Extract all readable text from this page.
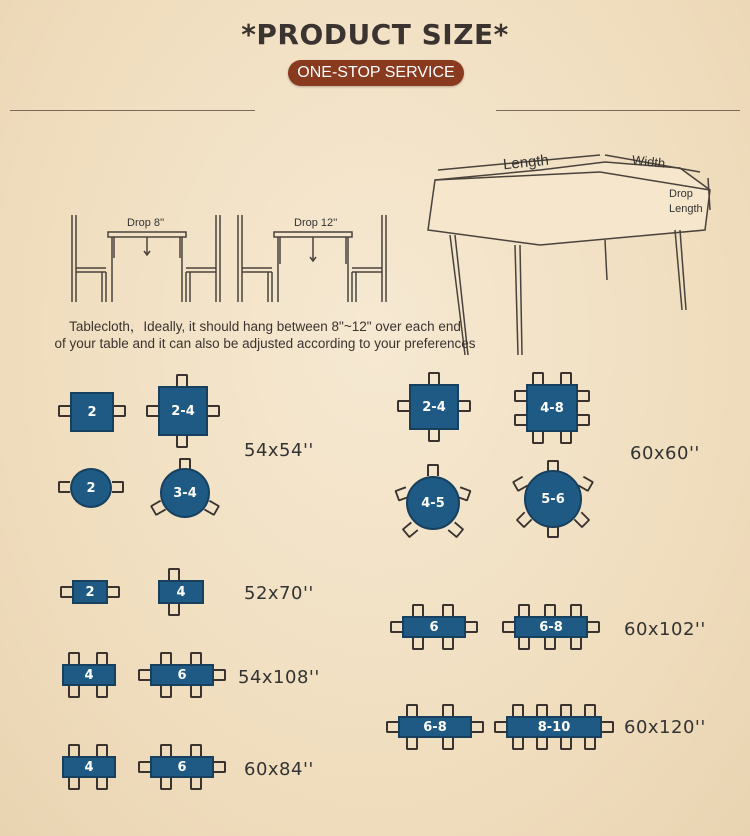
*PRODUCT SIZE*
ONE-STOP SERVICE
Drop 8''	Drop 12''
Length	Width
Drop
Length
Tablecloth，Ideally, it should hang between 8"~12" over each end
of your table and it can also be adjusted according to your preferences
2	2-4
54x54''
2	3-4
2	4	52x70''
4	6	54x108''
4	6	60x84''
2-4	4-8
60x60''
4-5	5-6
6	6-8	60x102''
6-8	8-10	60x120''
